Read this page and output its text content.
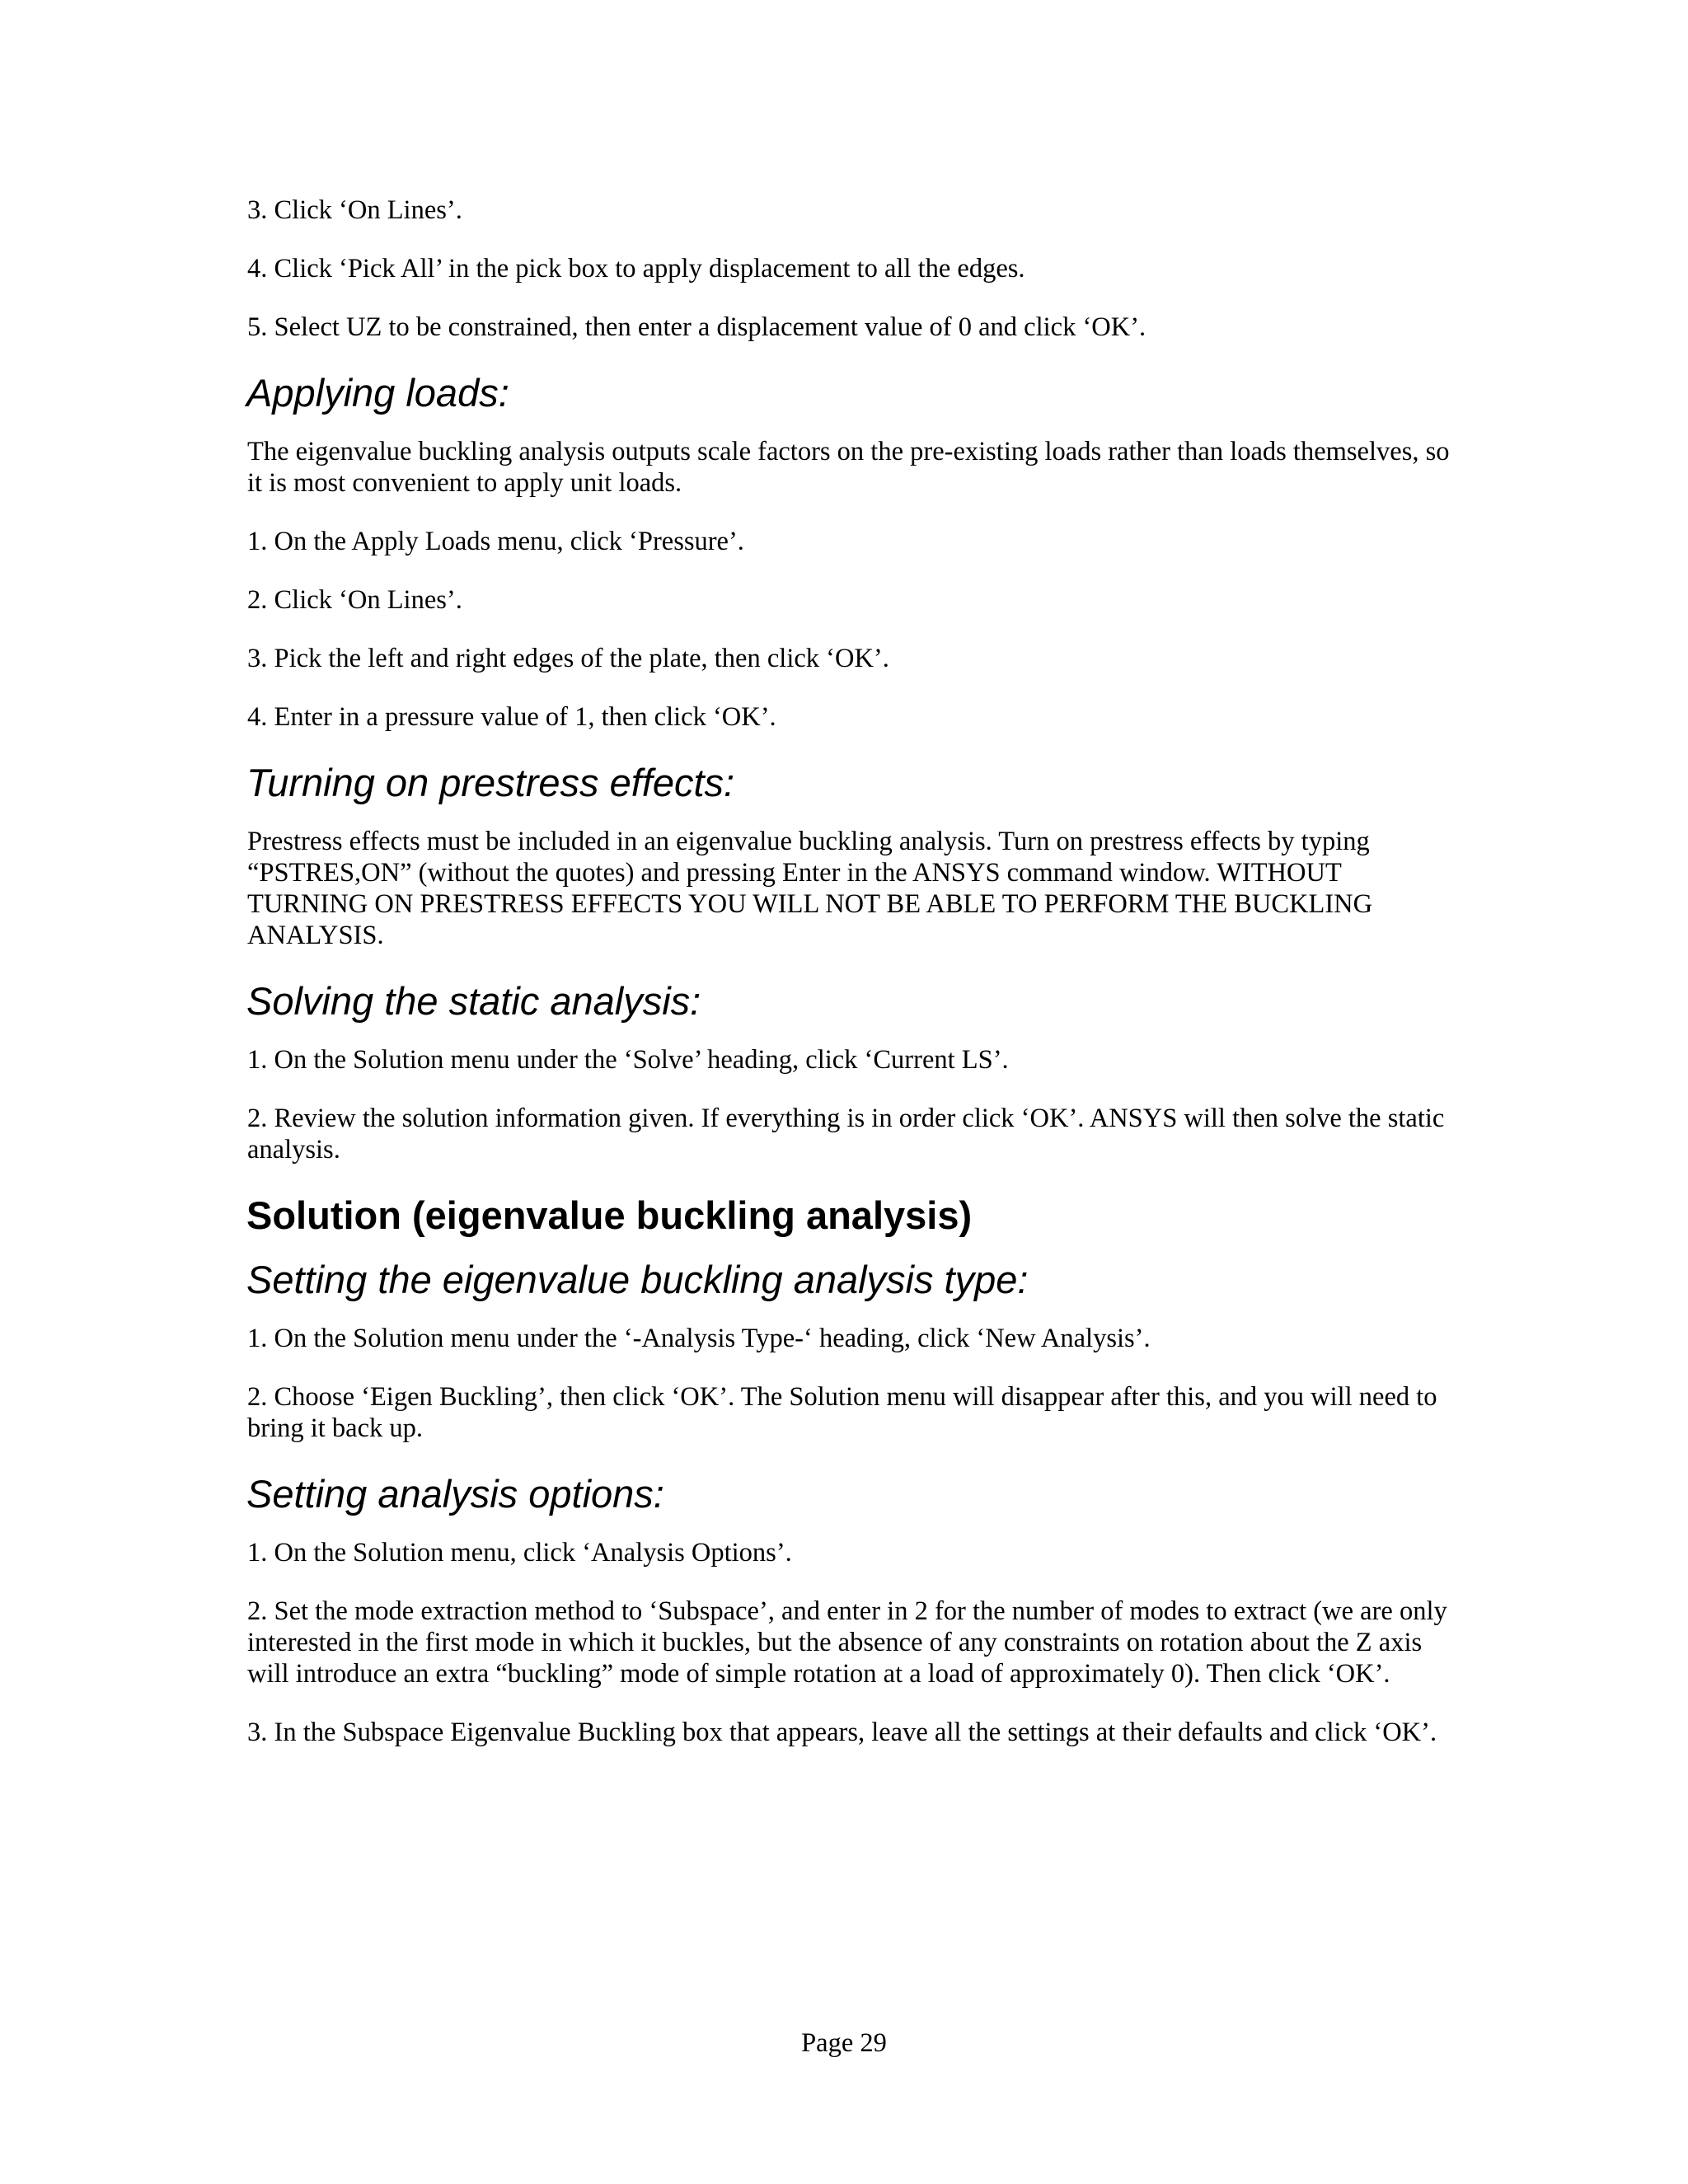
3. Click ‘On Lines’.

4. Click ‘Pick All’ in the pick box to apply displacement to all the edges.

5. Select UZ to be constrained, then enter a displacement value of 0 and click ‘OK’.

Applying loads:

The eigenvalue buckling analysis outputs scale factors on the pre-existing loads rather than loads themselves, so it is most convenient to apply unit loads.

1. On the Apply Loads menu, click ‘Pressure’.

2. Click ‘On Lines’.

3. Pick the left and right edges of the plate, then click ‘OK’.

4. Enter in a pressure value of 1, then click ‘OK’.

Turning on prestress effects:

Prestress effects must be included in an eigenvalue buckling analysis. Turn on prestress effects by typing “PSTRES,ON” (without the quotes) and pressing Enter in the ANSYS command window. WITHOUT TURNING ON PRESTRESS EFFECTS YOU WILL NOT BE ABLE TO PERFORM THE BUCKLING ANALYSIS.

Solving the static analysis:

1. On the Solution menu under the ‘Solve’ heading, click ‘Current LS’.

2. Review the solution information given. If everything is in order click ‘OK’. ANSYS will then solve the static analysis.

Solution (eigenvalue buckling analysis)
Setting the eigenvalue buckling analysis type:

1. On the Solution menu under the ‘-Analysis Type-‘ heading, click ‘New Analysis’.

2. Choose ‘Eigen Buckling’, then click ‘OK’. The Solution menu will disappear after this, and you will need to bring it back up.

Setting analysis options:

1. On the Solution menu, click ‘Analysis Options’.

2. Set the mode extraction method to ‘Subspace’, and enter in 2 for the number of modes to extract (we are only interested in the first mode in which it buckles, but the absence of any constraints on rotation about the Z axis will introduce an extra “buckling” mode of simple rotation at a load of approximately 0). Then click ‘OK’.

3. In the Subspace Eigenvalue Buckling box that appears, leave all the settings at their defaults and click ‘OK’.

Page 29
